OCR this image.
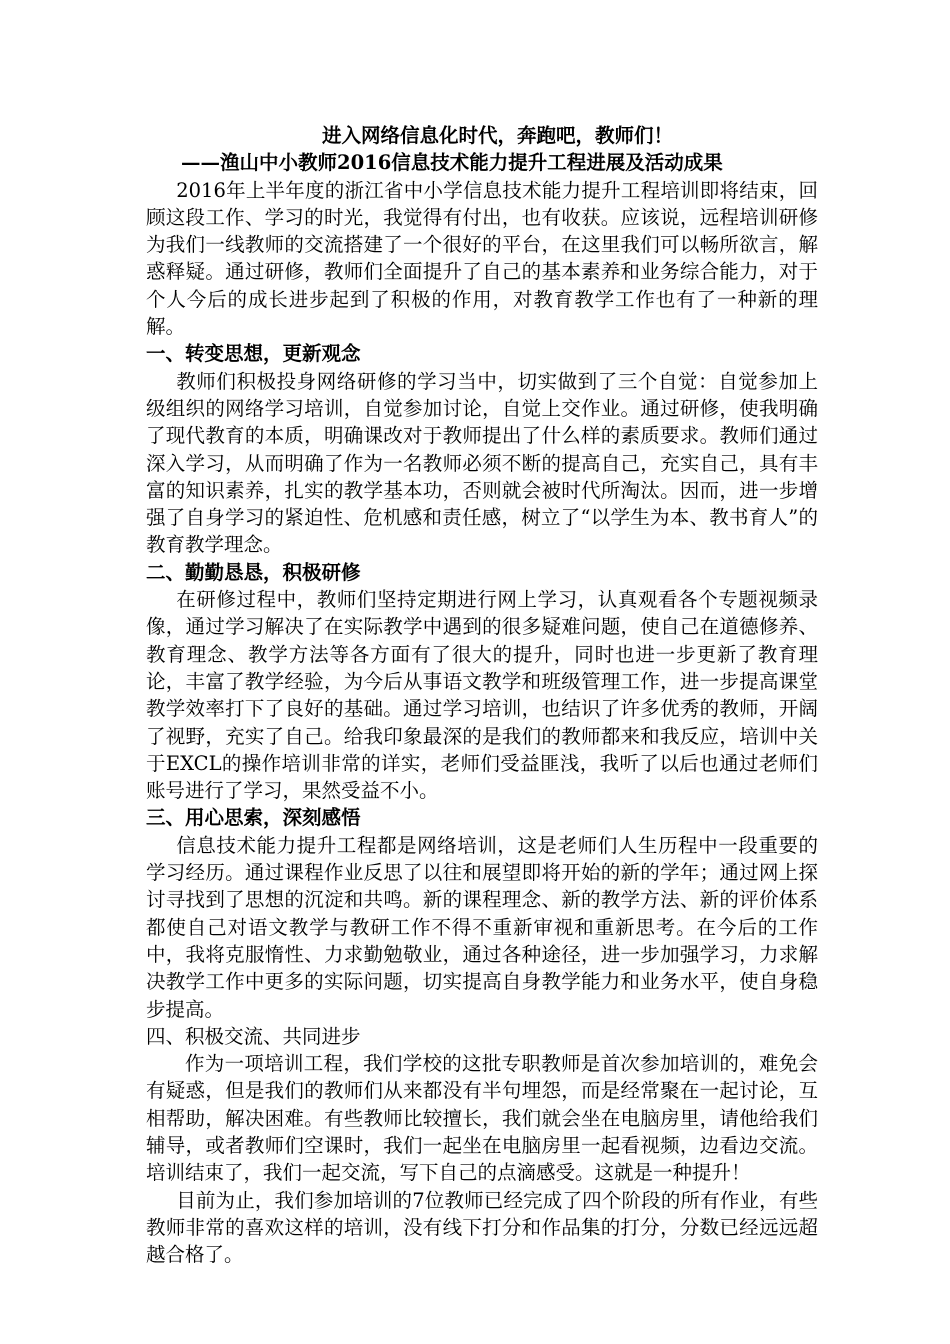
进入网络信息化时代，奔跑吧，教师们！

——渔山中小教师2016信息技术能力提升工程进展及活动成果

2016年上半年度的浙江省中小学信息技术能力提升工程培训即将结束，回顾这段工作、学习的时光，我觉得有付出，也有收获。应该说，远程培训研修为我们一线教师的交流搭建了一个很好的平台，在这里我们可以畅所欲言，解惑释疑。通过研修，教师们全面提升了自己的基本素养和业务综合能力，对于个人今后的成长进步起到了积极的作用，对教育教学工作也有了一种新的理解。

一、转变思想，更新观念

教师们积极投身网络研修的学习当中，切实做到了三个自觉：自觉参加上级组织的网络学习培训，自觉参加讨论，自觉上交作业。通过研修，使我明确了现代教育的本质，明确课改对于教师提出了什么样的素质要求。教师们通过深入学习，从而明确了作为一名教师必须不断的提高自己，充实自己，具有丰富的知识素养，扎实的教学基本功，否则就会被时代所淘汰。因而，进一步增强了自身学习的紧迫性、危机感和责任感，树立了“以学生为本、教书育人”的教育教学理念。

二、勤勤恳恳，积极研修

在研修过程中，教师们坚持定期进行网上学习，认真观看各个专题视频录像，通过学习解决了在实际教学中遇到的很多疑难问题，使自己在道德修养、教育理念、教学方法等各方面有了很大的提升，同时也进一步更新了教育理论，丰富了教学经验，为今后从事语文教学和班级管理工作，进一步提高课堂教学效率打下了良好的基础。通过学习培训，也结识了许多优秀的教师，开阔了视野，充实了自己。给我印象最深的是我们的教师都来和我反应，培训中关于EXCL的操作培训非常的详实，老师们受益匪浅，我听了以后也通过老师们账号进行了学习，果然受益不小。

三、用心思索，深刻感悟

信息技术能力提升工程都是网络培训，这是老师们人生历程中一段重要的学习经历。通过课程作业反思了以往和展望即将开始的新的学年；通过网上探讨寻找到了思想的沉淀和共鸣。新的课程理念、新的教学方法、新的评价体系都使自己对语文教学与教研工作不得不重新审视和重新思考。在今后的工作中，我将克服惰性、力求勤勉敬业，通过各种途径，进一步加强学习，力求解决教学工作中更多的实际问题，切实提高自身教学能力和业务水平，使自身稳步提高。

四、积极交流、共同进步

作为一项培训工程，我们学校的这批专职教师是首次参加培训的，难免会有疑惑，但是我们的教师们从来都没有半句埋怨，而是经常聚在一起讨论，互相帮助，解决困难。有些教师比较擅长，我们就会坐在电脑房里，请他给我们辅导，或者教师们空课时，我们一起坐在电脑房里一起看视频，边看边交流。培训结束了，我们一起交流，写下自己的点滴感受。这就是一种提升！

目前为止，我们参加培训的7位教师已经完成了四个阶段的所有作业，有些教师非常的喜欢这样的培训，没有线下打分和作品集的打分，分数已经远远超越合格了。
